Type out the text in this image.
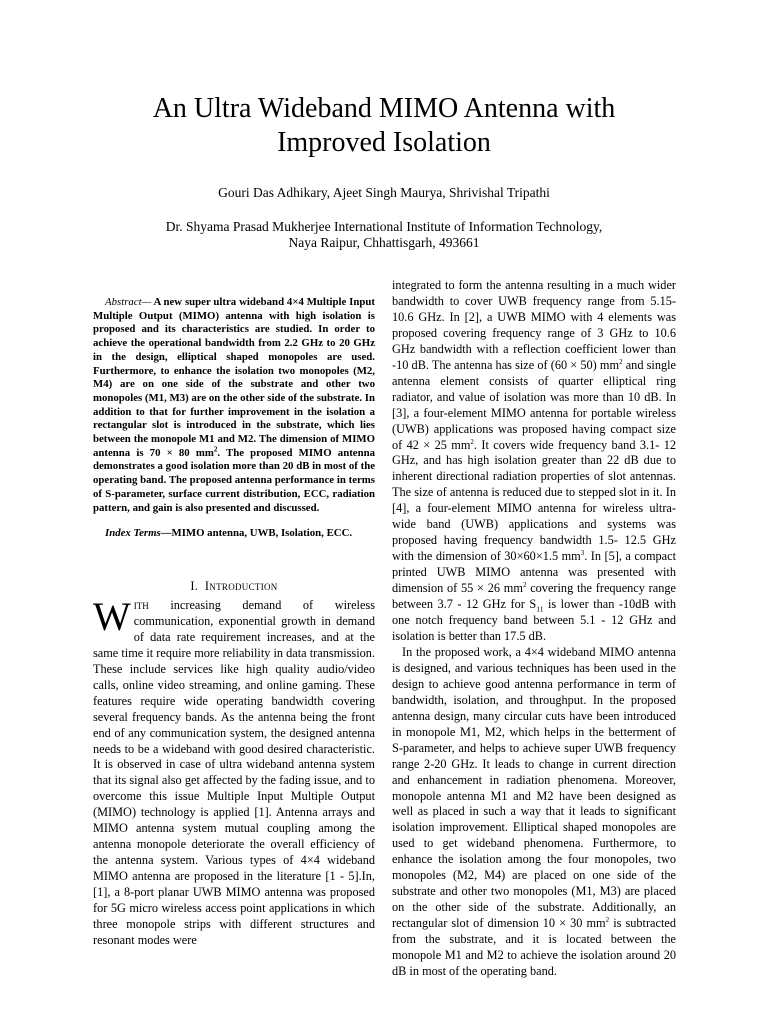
An Ultra Wideband MIMO Antenna with
Improved Isolation
Gouri Das Adhikary, Ajeet Singh Maurya, Shrivishal Tripathi
Dr. Shyama Prasad Mukherjee International Institute of Information Technology,
Naya Raipur, Chhattisgarh, 493661

Abstract— A new super ultra wideband 4×4 Multiple Input Multiple Output (MIMO) antenna with high isolation is proposed and its characteristics are studied. In order to achieve the operational bandwidth from 2.2 GHz to 20 GHz in the design, elliptical shaped monopoles are used. Furthermore, to enhance the isolation two monopoles (M2, M4) are on one side of the substrate and other two monopoles (M1, M3) are on the other side of the substrate. In addition to that for further improvement in the isolation a rectangular slot is introduced in the substrate, which lies between the monopole M1 and M2. The dimension of MIMO antenna is 70 × 80 $mm^2$. The proposed MIMO antenna demonstrates a good isolation more than 20 dB in most of the operating band. The proposed antenna performance in terms of S-parameter, surface current distribution, ECC, radiation pattern, and gain is also presented and discussed.

Index Terms—MIMO antenna, UWB, Isolation, ECC.

I. Introduction

With increasing demand of wireless communication, exponential growth in demand of data rate requirement increases, and at the same time it require more reliability in data transmission. These include services like high quality audio/video calls, online video streaming, and online gaming. These features require wide operating bandwidth covering several frequency bands. As the antenna being the front end of any communication system, the designed antenna needs to be a wideband with good desired characteristic. It is observed in case of ultra wideband antenna system that its signal also get affected by the fading issue, and to overcome this issue Multiple Input Multiple Output (MIMO) technology is applied [1]. Antenna arrays and MIMO antenna system mutual coupling among the antenna monopole deteriorate the overall efficiency of the antenna system. Various types of 4×4 wideband MIMO antenna are proposed in the literature [1 - 5].In, [1], a 8-port planar UWB MIMO antenna was proposed for 5G micro wireless access point applications in which three monopole strips with different structures and resonant modes were

integrated to form the antenna resulting in a much wider bandwidth to cover UWB frequency range from 5.15-10.6 GHz. In [2], a UWB MIMO with 4 elements was proposed covering frequency range of 3 GHz to 10.6 GHz bandwidth with a reflection coefficient lower than -10 dB. The antenna has size of (60 × 50) $mm^2$ and single antenna element consists of quarter elliptical ring radiator, and value of isolation was more than 10 dB. In [3], a four-element MIMO antenna for portable wireless (UWB) applications was proposed having compact size of 42 × 25 $mm^2$. It covers wide frequency band 3.1- 12 GHz, and has high isolation greater than 22 dB due to inherent directional radiation properties of slot antennas. The size of antenna is reduced due to stepped slot in it. In [4], a four-element MIMO antenna for wireless ultra-wide band (UWB) applications and systems was proposed having frequency bandwidth 1.5- 12.5 GHz with the dimension of 30×60×1.5 $mm^3$. In [5], a compact printed UWB MIMO antenna was presented with dimension of 55 × 26 $mm^2$ covering the frequency range between 3.7 - 12 GHz for $S_{11}$ is lower than -10dB with one notch frequency band between 5.1 - 12 GHz and isolation is better than 17.5 dB.

In the proposed work, a 4×4 wideband MIMO antenna is designed, and various techniques has been used in the design to achieve good antenna performance in term of bandwidth, isolation, and throughput. In the proposed antenna design, many circular cuts have been introduced in monopole M1, M2, which helps in the betterment of S-parameter, and helps to achieve super UWB frequency range 2-20 GHz. It leads to change in current direction and enhancement in radiation phenomena. Moreover, monopole antenna M1 and M2 have been designed as well as placed in such a way that it leads to significant isolation improvement. Elliptical shaped monopoles are used to get wideband phenomena. Furthermore, to enhance the isolation among the four monopoles, two monopoles (M2, M4) are placed on one side of the substrate and other two monopoles (M1, M3) are placed on the other side of the substrate. Additionally, an rectangular slot of dimension 10 × 30 $mm^2$ is subtracted from the substrate, and it is located between the monopole M1 and M2 to achieve the isolation around 20 dB in most of the operating band.
